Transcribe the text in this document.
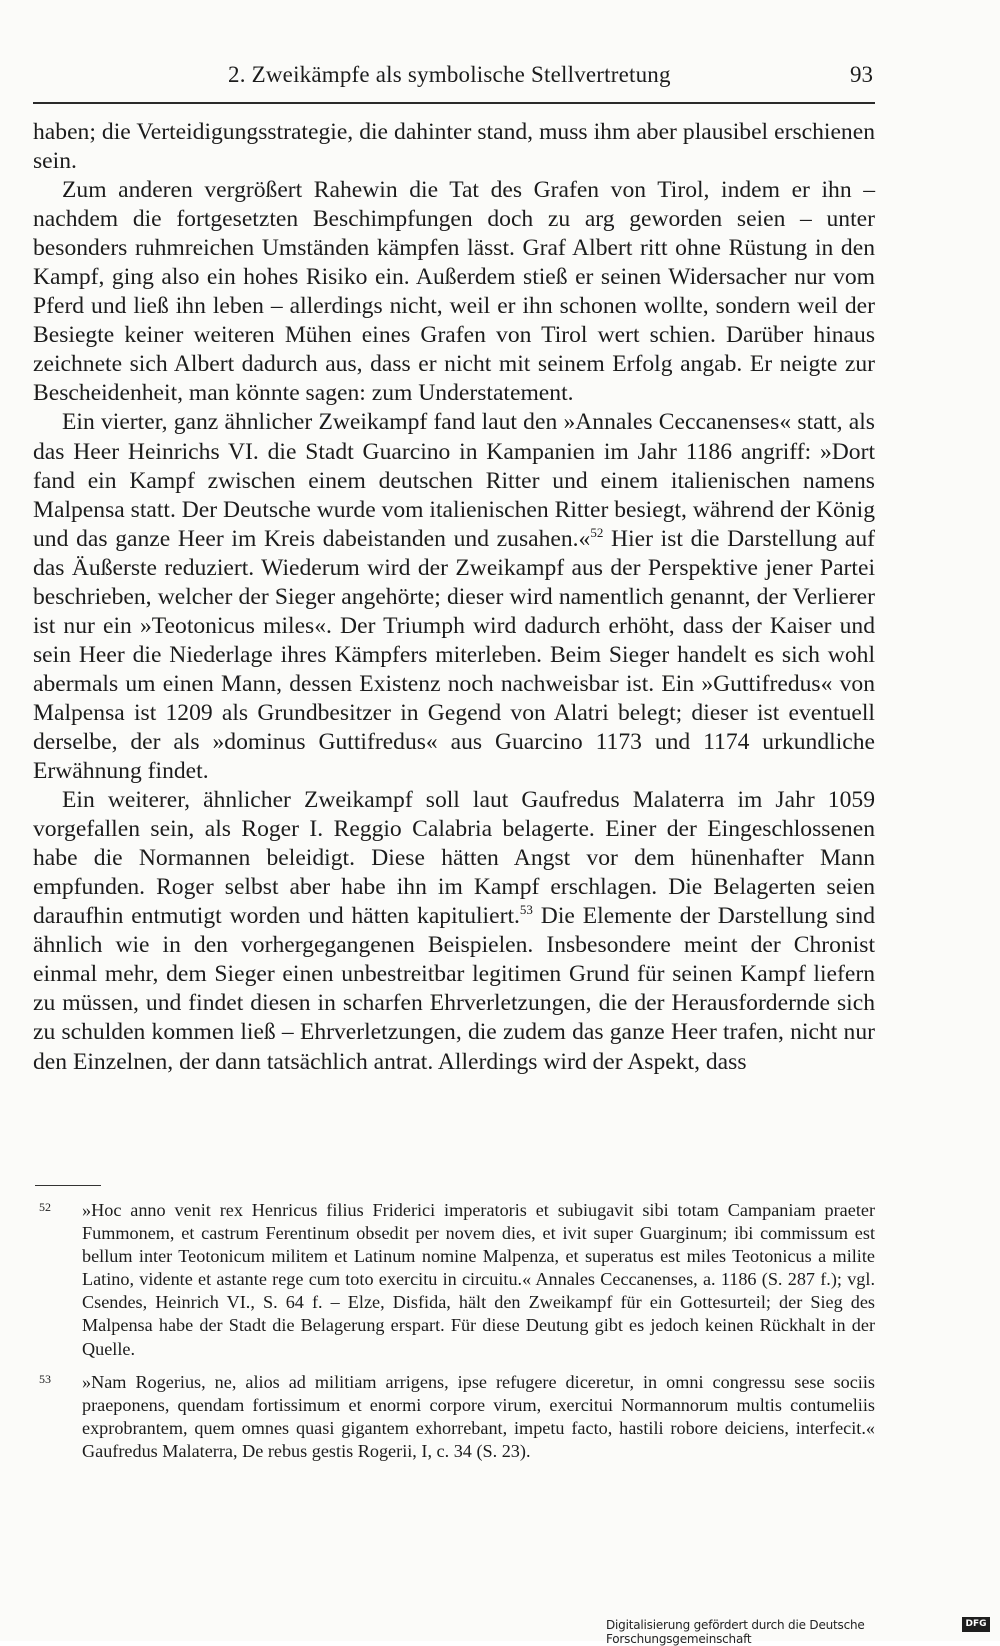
2. Zweikämpfe als symbolische Stellvertretung	93

haben; die Verteidigungsstrategie, die dahinter stand, muss ihm aber plausibel erschienen sein.

Zum anderen vergrößert Rahewin die Tat des Grafen von Tirol, indem er ihn – nachdem die fortgesetzten Beschimpfungen doch zu arg geworden seien – unter besonders ruhmreichen Umständen kämpfen lässt. Graf Albert ritt ohne Rüstung in den Kampf, ging also ein hohes Risiko ein. Außerdem stieß er seinen Widersacher nur vom Pferd und ließ ihn leben – allerdings nicht, weil er ihn schonen wollte, sondern weil der Besiegte keiner weiteren Mühen eines Grafen von Tirol wert schien. Darüber hinaus zeichnete sich Albert dadurch aus, dass er nicht mit seinem Erfolg angab. Er neigte zur Bescheidenheit, man könnte sagen: zum Understatement.

Ein vierter, ganz ähnlicher Zweikampf fand laut den »Annales Ceccanenses« statt, als das Heer Heinrichs VI. die Stadt Guarcino in Kampanien im Jahr 1186 angriff: »Dort fand ein Kampf zwischen einem deutschen Ritter und einem italienischen namens Malpensa statt. Der Deutsche wurde vom italienischen Ritter besiegt, während der König und das ganze Heer im Kreis dabeistanden und zusahen.«$^{52}$ Hier ist die Darstellung auf das Äußerste reduziert. Wiederum wird der Zweikampf aus der Perspektive jener Partei beschrieben, welcher der Sieger angehörte; dieser wird namentlich genannt, der Verlierer ist nur ein »Teotonicus miles«. Der Triumph wird dadurch erhöht, dass der Kaiser und sein Heer die Niederlage ihres Kämpfers miterleben. Beim Sieger handelt es sich wohl abermals um einen Mann, dessen Existenz noch nachweisbar ist. Ein »Guttifredus« von Malpensa ist 1209 als Grundbesitzer in Gegend von Alatri belegt; dieser ist eventuell derselbe, der als »dominus Guttifredus« aus Guarcino 1173 und 1174 urkundliche Erwähnung findet.

Ein weiterer, ähnlicher Zweikampf soll laut Gaufredus Malaterra im Jahr 1059 vorgefallen sein, als Roger I. Reggio Calabria belagerte. Einer der Eingeschlossenen habe die Normannen beleidigt. Diese hätten Angst vor dem hünenhafter Mann empfunden. Roger selbst aber habe ihn im Kampf erschlagen. Die Belagerten seien daraufhin entmutigt worden und hätten kapituliert.$^{53}$ Die Elemente der Darstellung sind ähnlich wie in den vorhergegangenen Beispielen. Insbesondere meint der Chronist einmal mehr, dem Sieger einen unbestreitbar legitimen Grund für seinen Kampf liefern zu müssen, und findet diesen in scharfen Ehrverletzungen, die der Herausfordernde sich zu schulden kommen ließ – Ehrverletzungen, die zudem das ganze Heer trafen, nicht nur den Einzelnen, der dann tatsächlich antrat. Allerdings wird der Aspekt, dass

52 »Hoc anno venit rex Henricus filius Friderici imperatoris et subiugavit sibi totam Campaniam praeter Fummonem, et castrum Ferentinum obsedit per novem dies, et ivit super Guarginum; ibi commissum est bellum inter Teotonicum militem et Latinum nomine Malpenza, et superatus est miles Teotonicus a milite Latino, vidente et astante rege cum toto exercitu in circuitu.« Annales Ceccanenses, a. 1186 (S. 287 f.); vgl. Csendes, Heinrich VI., S. 64 f. – Elze, Disfida, hält den Zweikampf für ein Gottesurteil; der Sieg des Malpensa habe der Stadt die Belagerung erspart. Für diese Deutung gibt es jedoch keinen Rückhalt in der Quelle.
53 »Nam Rogerius, ne, alios ad militiam arrigens, ipse refugere diceretur, in omni congressu sese sociis praeponens, quendam fortissimum et enormi corpore virum, exercitui Normannorum multis contumeliis exprobrantem, quem omnes quasi gigantem exhorrebant, impetu facto, hastili robore deiciens, interfecit.« Gaufredus Malaterra, De rebus gestis Rogerii, I, c. 34 (S. 23).
Digitalisierung gefördert durch die Deutsche Forschungsgemeinschaft
DFG
